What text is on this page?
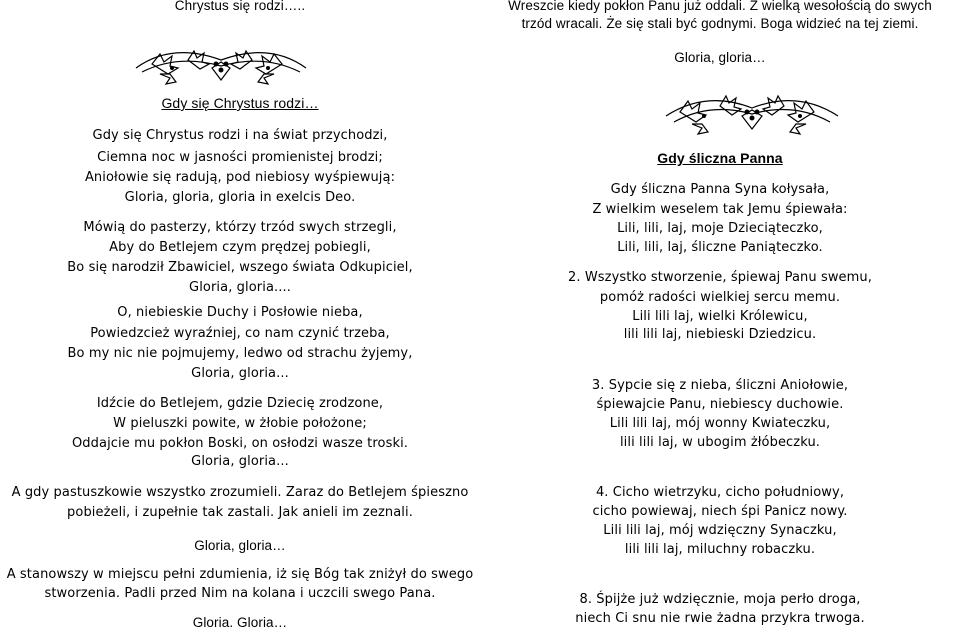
Chrystus się rodzi…..
Gdy się Chrystus rodzi…
Gdy się Chrystus rodzi i na świat przychodzi,
Ciemna noc w jasności promienistej brodzi;
Aniołowie się radują, pod niebiosy wyśpiewują:
Gloria, gloria, gloria in exelcis Deo.
Mówią do pasterzy, którzy trzód swych strzegli,
Aby do Betlejem czym prędzej pobiegli,
Bo się narodził Zbawiciel, wszego świata Odkupiciel,
Gloria, gloria....
O, niebieskie Duchy i Posłowie nieba,
Powiedzcież wyraźniej, co nam czynić trzeba,
Bo my nic nie pojmujemy, ledwo od strachu żyjemy,
Gloria, gloria...
Idźcie do Betlejem, gdzie Dziecię zrodzone,
W pieluszki powite, w żłobie położone;
Oddajcie mu pokłon Boski, on osłodzi wasze troski.
Gloria, gloria...
A gdy pastuszkowie wszystko zrozumieli. Zaraz do Betlejem śpieszno
pobieżeli, i zupełnie tak zastali. Jak anieli im zeznali.
Gloria, gloria…
A stanowszy w miejscu pełni zdumienia, iż się Bóg tak zniżył do swego
stworzenia. Padli przed Nim na kolana i uczcili swego Pana.
Gloria. Gloria…
Wreszcie kiedy pokłon Panu już oddali. Z wielką wesołością do swych
trzód wracali. Że się stali być godnymi. Boga widzieć na tej ziemi.
Gloria, gloria…
Gdy śliczna Panna
Gdy śliczna Panna Syna kołysała,
Z wielkim weselem tak Jemu śpiewała:
Lili, lili, laj, moje Dzieciąteczko,
Lili, lili, laj, śliczne Paniąteczko.
2. Wszystko stworzenie, śpiewaj Panu swemu,
pomóż radości wielkiej sercu memu.
Lili lili laj, wielki Królewicu,
lili lili laj, niebieski Dziedzicu.
3. Sypcie się z nieba, śliczni Aniołowie,
śpiewajcie Panu, niebiescy duchowie.
Lili lili laj, mój wonny Kwiateczku,
lili lili laj, w ubogim żłóbeczku.
4. Cicho wietrzyku, cicho południowy,
cicho powiewaj, niech śpi Panicz nowy.
Lili lili laj, mój wdzięczny Synaczku,
lili lili laj, miluchny robaczku.
8. Śpijże już wdzięcznie, moja perło droga,
niech Ci snu nie rwie żadna przykra trwoga.
